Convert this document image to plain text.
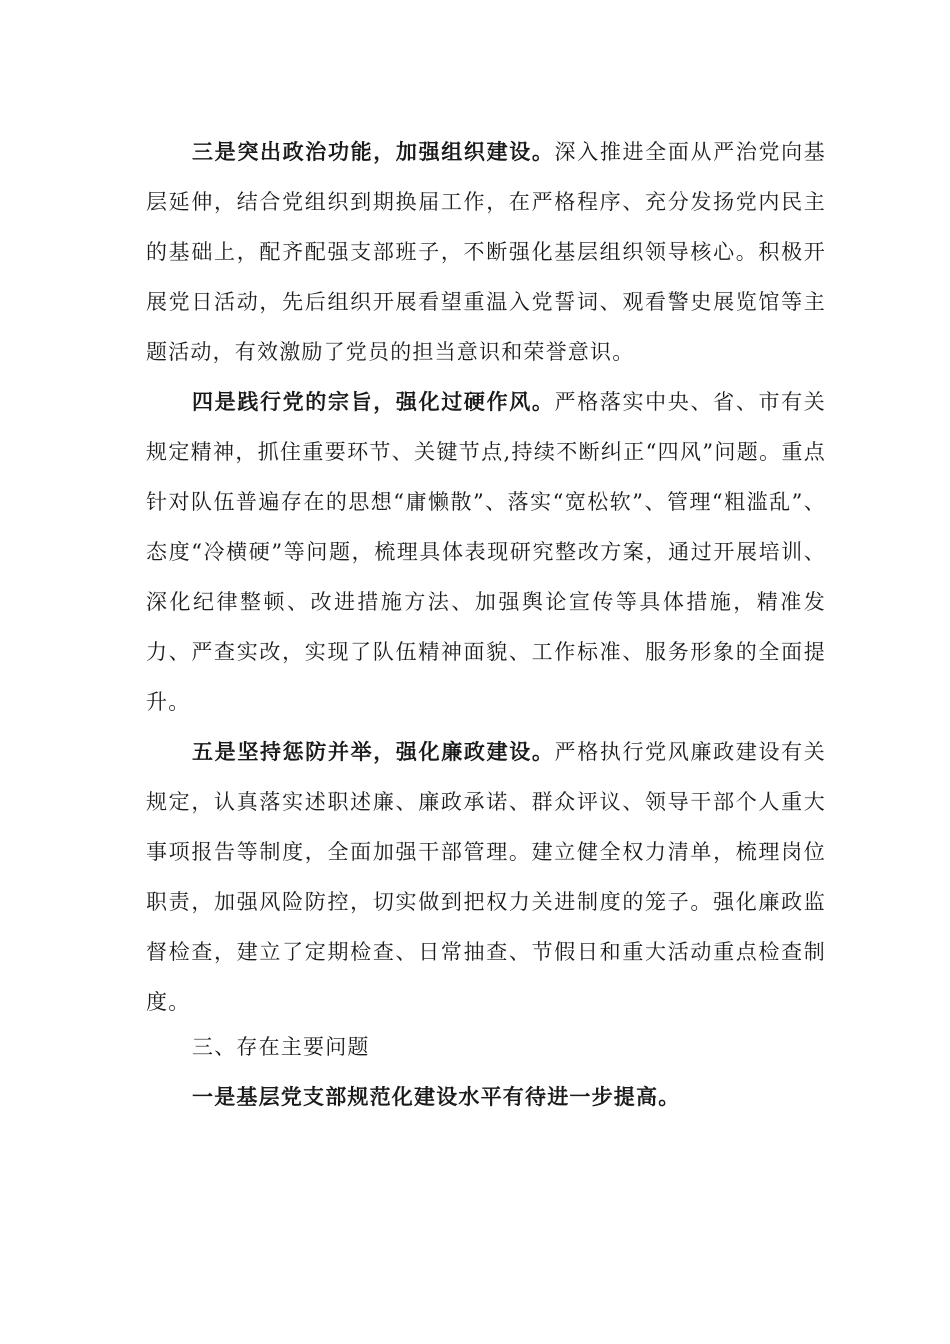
三是突出政治功能，加强组织建设。深入推进全面从严治党向基层延伸，结合党组织到期换届工作，在严格程序、充分发扬党内民主的基础上，配齐配强支部班子，不断强化基层组织领导核心。积极开展党日活动，先后组织开展看望重温入党誓词、观看警史展览馆等主题活动，有效激励了党员的担当意识和荣誉意识。

四是践行党的宗旨，强化过硬作风。严格落实中央、省、市有关规定精神，抓住重要环节、关键节点,持续不断纠正“四风”问题。重点针对队伍普遍存在的思想“庸懒散”、落实“宽松软”、管理“粗滥乱”、态度“冷横硬”等问题，梳理具体表现研究整改方案，通过开展培训、深化纪律整顿、改进措施方法、加强舆论宣传等具体措施，精准发力、严查实改，实现了队伍精神面貌、工作标准、服务形象的全面提升。

五是坚持惩防并举，强化廉政建设。严格执行党风廉政建设有关规定，认真落实述职述廉、廉政承诺、群众评议、领导干部个人重大事项报告等制度，全面加强干部管理。建立健全权力清单，梳理岗位职责，加强风险防控，切实做到把权力关进制度的笼子。强化廉政监督检查，建立了定期检查、日常抽查、节假日和重大活动重点检查制度。

三、存在主要问题

一是基层党支部规范化建设水平有待进一步提高。
